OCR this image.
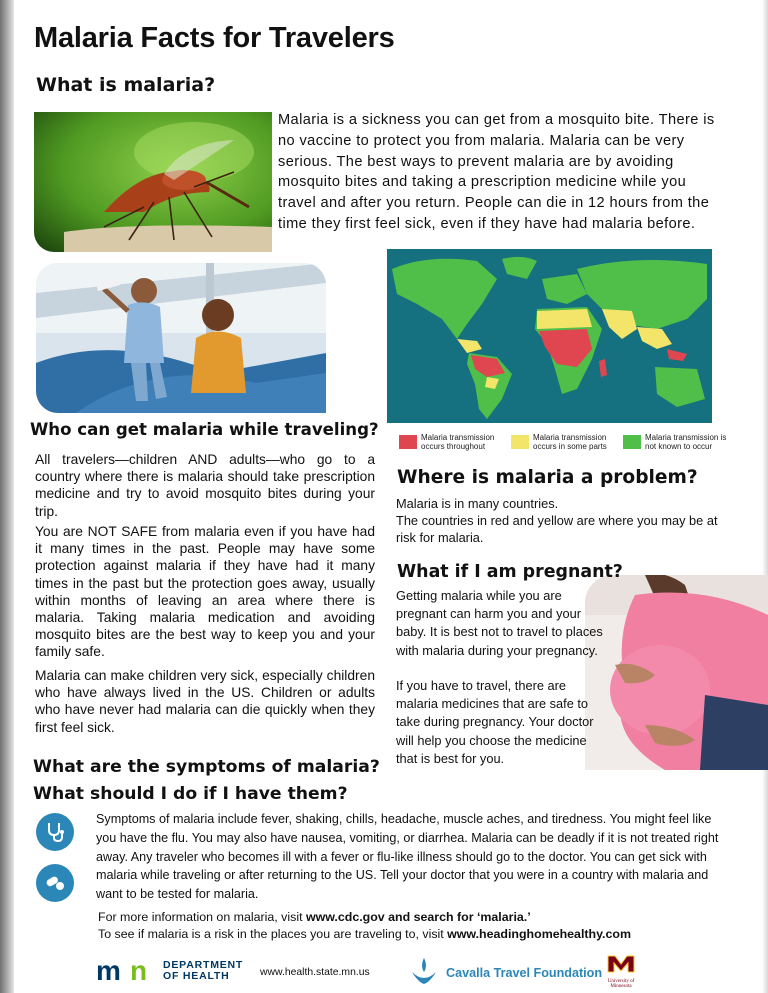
Malaria Facts for Travelers
What is malaria?

Malaria is a sickness you can get from a mosquito bite. There is no vaccine to protect you from malaria. Malaria can be very serious. The best ways to prevent malaria are by avoiding mosquito bites and taking a prescription medicine while you travel and after you return. People can die in 12 hours from the time they first feel sick, even if they have had malaria before.

Malaria transmission occurs throughout
Malaria transmission occurs in some parts
Malaria transmission is not known to occur
Who can get malaria while traveling?

All travelers—children AND adults—who go to a country where there is malaria should take prescription medicine and try to avoid mosquito bites during your trip.

You are NOT SAFE from malaria even if you have had it many times in the past. People may have some protection against malaria if they have had it many times in the past but the protection goes away, usually within months of leaving an area where there is malaria. Taking malaria medication and avoiding mosquito bites are the best way to keep you and your family safe.

Malaria can make children very sick, especially children who have always lived in the US. Children or adults who have never had malaria can die quickly when they first feel sick.

Where is malaria a problem?

Malaria is in many countries.

The countries in red and yellow are where you may be at risk for malaria.

What if I am pregnant?

Getting malaria while you are pregnant can harm you and your baby. It is best not to travel to places with malaria during your pregnancy.

If you have to travel, there are malaria medicines that are safe to take during pregnancy. Your doctor will help you choose the medicine that is best for you.

What are the symptoms of malaria?
What should I do if I have them?

Symptoms of malaria include fever, shaking, chills, headache, muscle aches, and tiredness. You might feel like you have the flu. You may also have nausea, vomiting, or diarrhea. Malaria can be deadly if it is not treated right away. Any traveler who becomes ill with a fever or flu-like illness should go to the doctor. You can get sick with malaria while traveling or after returning to the US. Tell your doctor that you were in a country with malaria and want to be tested for malaria.

For more information on malaria, visit www.cdc.gov and search for ‘malaria.’
To see if malaria is a risk in the places you are traveling to, visit www.headinghomehealthy.com
m n DEPARTMENT
OF HEALTH	www.health.state.mn.us	Cavalla Travel Foundation
University of
Minnesota
